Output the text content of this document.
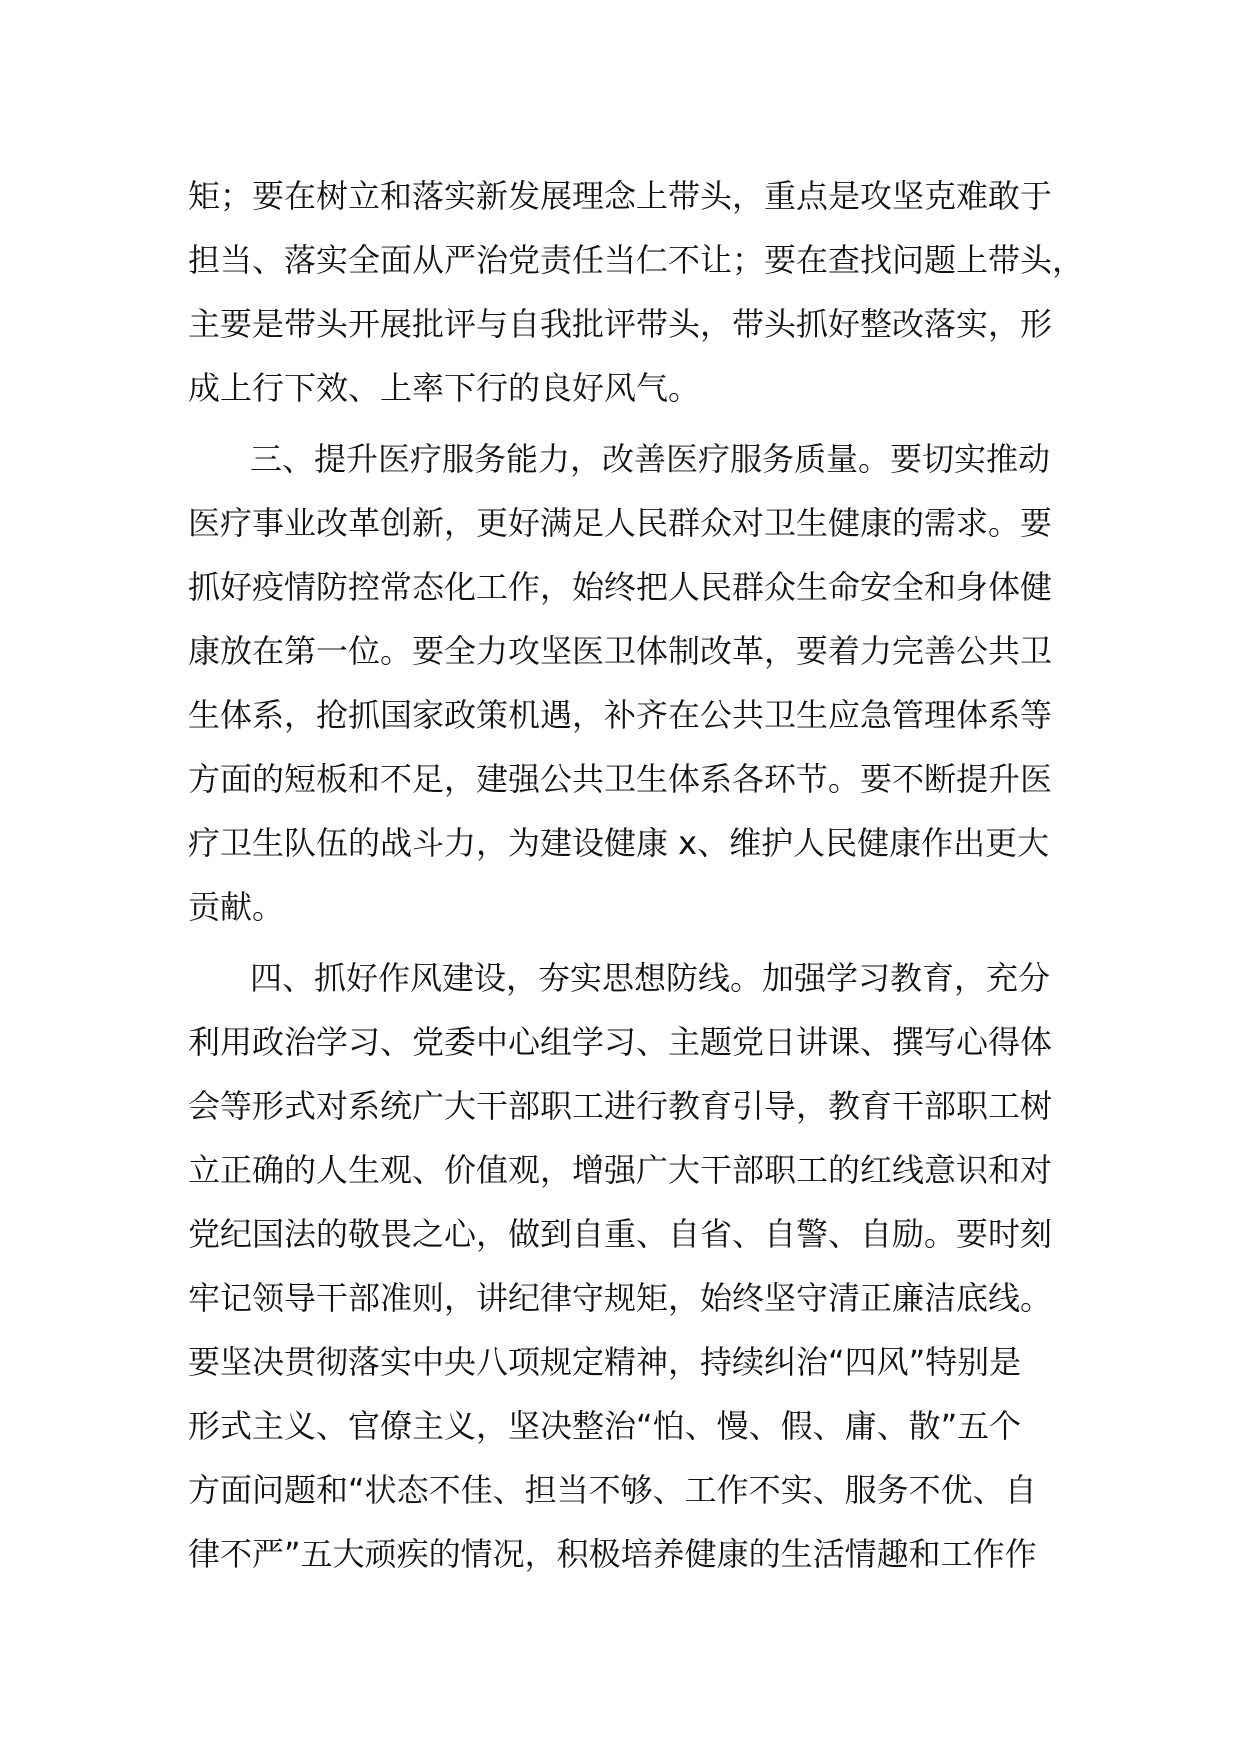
矩；要在树立和落实新发展理念上带头，重点是攻坚克难敢于

担当、落实全面从严治党责任当仁不让；要在查找问题上带头，

主要是带头开展批评与自我批评带头，带头抓好整改落实，形

成上行下效、上率下行的良好风气。

三、提升医疗服务能力，改善医疗服务质量。要切实推动

医疗事业改革创新，更好满足人民群众对卫生健康的需求。要

抓好疫情防控常态化工作，始终把人民群众生命安全和身体健

康放在第一位。要全力攻坚医卫体制改革，要着力完善公共卫

生体系，抢抓国家政策机遇，补齐在公共卫生应急管理体系等

方面的短板和不足，建强公共卫生体系各环节。要不断提升医

疗卫生队伍的战斗力，为建设健康 x、维护人民健康作出更大

贡献。

四、抓好作风建设，夯实思想防线。加强学习教育，充分

利用政治学习、党委中心组学习、主题党日讲课、撰写心得体

会等形式对系统广大干部职工进行教育引导，教育干部职工树

立正确的人生观、价值观，增强广大干部职工的红线意识和对

党纪国法的敬畏之心，做到自重、自省、自警、自励。要时刻

牢记领导干部准则，讲纪律守规矩，始终坚守清正廉洁底线。

要坚决贯彻落实中央八项规定精神，持续纠治“四风”特别是

形式主义、官僚主义，坚决整治“怕、慢、假、庸、散”五个

方面问题和“状态不佳、担当不够、工作不实、服务不优、自

律不严”五大顽疾的情况，积极培养健康的生活情趣和工作作
